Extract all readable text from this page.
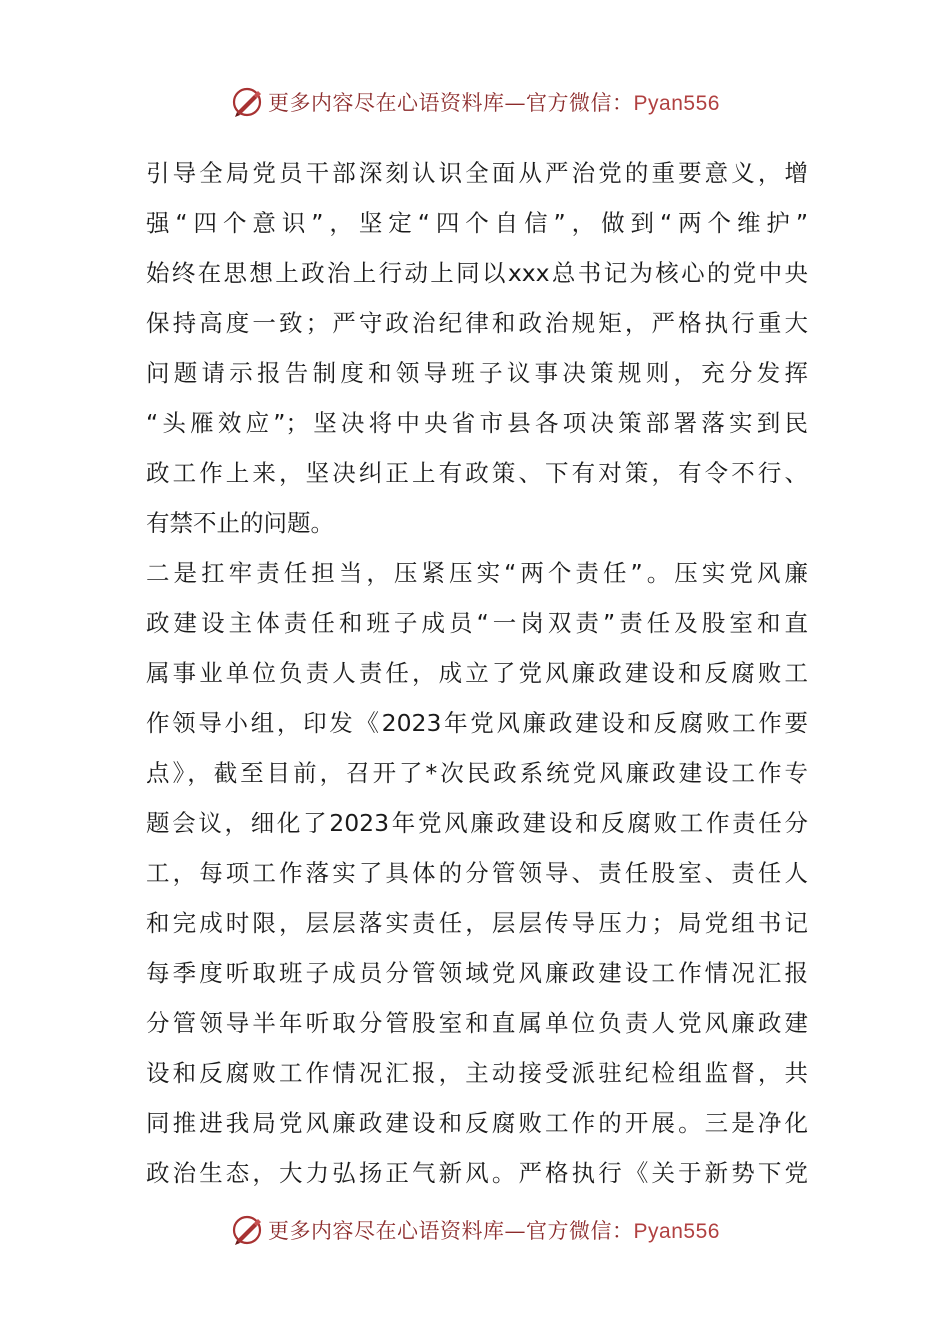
更多内容尽在心语资料库—官方微信：Pyan556
引导全局党员干部深刻认识全面从严治党的重要意义，增
强“四个意识”，坚定“四个自信”，做到“两个维护”
始终在思想上政治上行动上同以xxx总书记为核心的党中央
保持高度一致；严守政治纪律和政治规矩，严格执行重大
问题请示报告制度和领导班子议事决策规则，充分发挥
“头雁效应”；坚决将中央省市县各项决策部署落实到民
政工作上来，坚决纠正上有政策、下有对策，有令不行、
有禁不止的问题。
二是扛牢责任担当，压紧压实“两个责任”。压实党风廉
政建设主体责任和班子成员“一岗双责”责任及股室和直
属事业单位负责人责任，成立了党风廉政建设和反腐败工
作领导小组，印发《2023年党风廉政建设和反腐败工作要
点》，截至目前，召开了*次民政系统党风廉政建设工作专
题会议，细化了2023年党风廉政建设和反腐败工作责任分
工，每项工作落实了具体的分管领导、责任股室、责任人
和完成时限，层层落实责任，层层传导压力；局党组书记
每季度听取班子成员分管领域党风廉政建设工作情况汇报
分管领导半年听取分管股室和直属单位负责人党风廉政建
设和反腐败工作情况汇报，主动接受派驻纪检组监督，共
同推进我局党风廉政建设和反腐败工作的开展。三是净化
政治生态，大力弘扬正气新风。严格执行《关于新势下党
更多内容尽在心语资料库—官方微信：Pyan556
